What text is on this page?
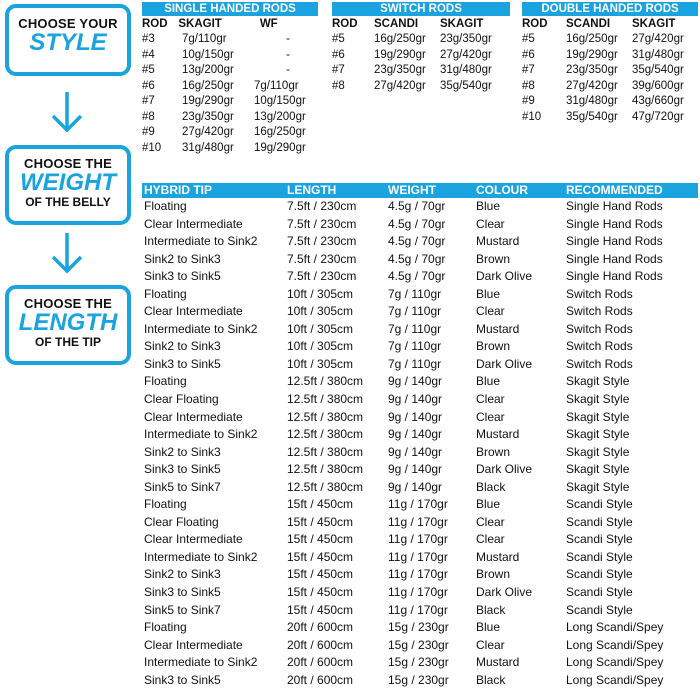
CHOOSE YOUR
STYLE
CHOOSE THE
WEIGHT
OF THE BELLY
CHOOSE THE
LENGTH
OF THE TIP
SINGLE HANDED RODS
ROD SKAGIT	WF
#3	7g/110gr	-
#4	10g/150gr	-
#5	13g/200gr	-
#6	16g/250gr	7g/110gr
#7	19g/290gr	10g/150gr
#8	23g/350gr	13g/200gr
#9	27g/420gr	16g/250gr
#10	31g/480gr	19g/290gr
SWITCH RODS
ROD	SCANDI	SKAGIT
#5	16g/250gr	23g/350gr
#6	19g/290gr	27g/420gr
#7	23g/350gr	31g/480gr
#8	27g/420gr	35g/540gr
DOUBLE HANDED RODS
ROD	SCANDI	SKAGIT
#5	16g/250gr	27g/420gr
#6	19g/290gr	31g/480gr
#7	23g/350gr	35g/540gr
#8	27g/420gr	39g/600gr
#9	31g/480gr	43g/660gr
#10	35g/540gr	47g/720gr
HYBRID TIP	LENGTH	WEIGHT	COLOUR	RECOMMENDED
Floating	7.5ft / 230cm	4.5g / 70gr	Blue	Single Hand Rods
Clear Intermediate	7.5ft / 230cm	4.5g / 70gr	Clear	Single Hand Rods
Intermediate to Sink2	7.5ft / 230cm	4.5g / 70gr	Mustard	Single Hand Rods
Sink2 to Sink3	7.5ft / 230cm	4.5g / 70gr	Brown	Single Hand Rods
Sink3 to Sink5	7.5ft / 230cm	4.5g / 70gr	Dark Olive	Single Hand Rods
Floating	10ft / 305cm	7g / 110gr	Blue	Switch Rods
Clear Intermediate	10ft / 305cm	7g / 110gr	Clear	Switch Rods
Intermediate to Sink2	10ft / 305cm	7g / 110gr	Mustard	Switch Rods
Sink2 to Sink3	10ft / 305cm	7g / 110gr	Brown	Switch Rods
Sink3 to Sink5	10ft / 305cm	7g / 110gr	Dark Olive	Switch Rods
Floating	12.5ft / 380cm	9g / 140gr	Blue	Skagit Style
Clear Floating	12.5ft / 380cm	9g / 140gr	Clear	Skagit Style
Clear Intermediate	12.5ft / 380cm	9g / 140gr	Clear	Skagit Style
Intermediate to Sink2	12.5ft / 380cm	9g / 140gr	Mustard	Skagit Style
Sink2 to Sink3	12.5ft / 380cm	9g / 140gr	Brown	Skagit Style
Sink3 to Sink5	12.5ft / 380cm	9g / 140gr	Dark Olive	Skagit Style
Sink5 to Sink7	12.5ft / 380cm	9g / 140gr	Black	Skagit Style
Floating	15ft / 450cm	11g / 170gr	Blue	Scandi Style
Clear Floating	15ft / 450cm	11g / 170gr	Clear	Scandi Style
Clear Intermediate	15ft / 450cm	11g / 170gr	Clear	Scandi Style
Intermediate to Sink2	15ft / 450cm	11g / 170gr	Mustard	Scandi Style
Sink2 to Sink3	15ft / 450cm	11g / 170gr	Brown	Scandi Style
Sink3 to Sink5	15ft / 450cm	11g / 170gr	Dark Olive	Scandi Style
Sink5 to Sink7	15ft / 450cm	11g / 170gr	Black	Scandi Style
Floating	20ft / 600cm	15g / 230gr	Blue	Long Scandi/Spey
Clear Intermediate	20ft / 600cm	15g / 230gr	Clear	Long Scandi/Spey
Intermediate to Sink2	20ft / 600cm	15g / 230gr	Mustard	Long Scandi/Spey
Sink3 to Sink5	20ft / 600cm	15g / 230gr	Black	Long Scandi/Spey
